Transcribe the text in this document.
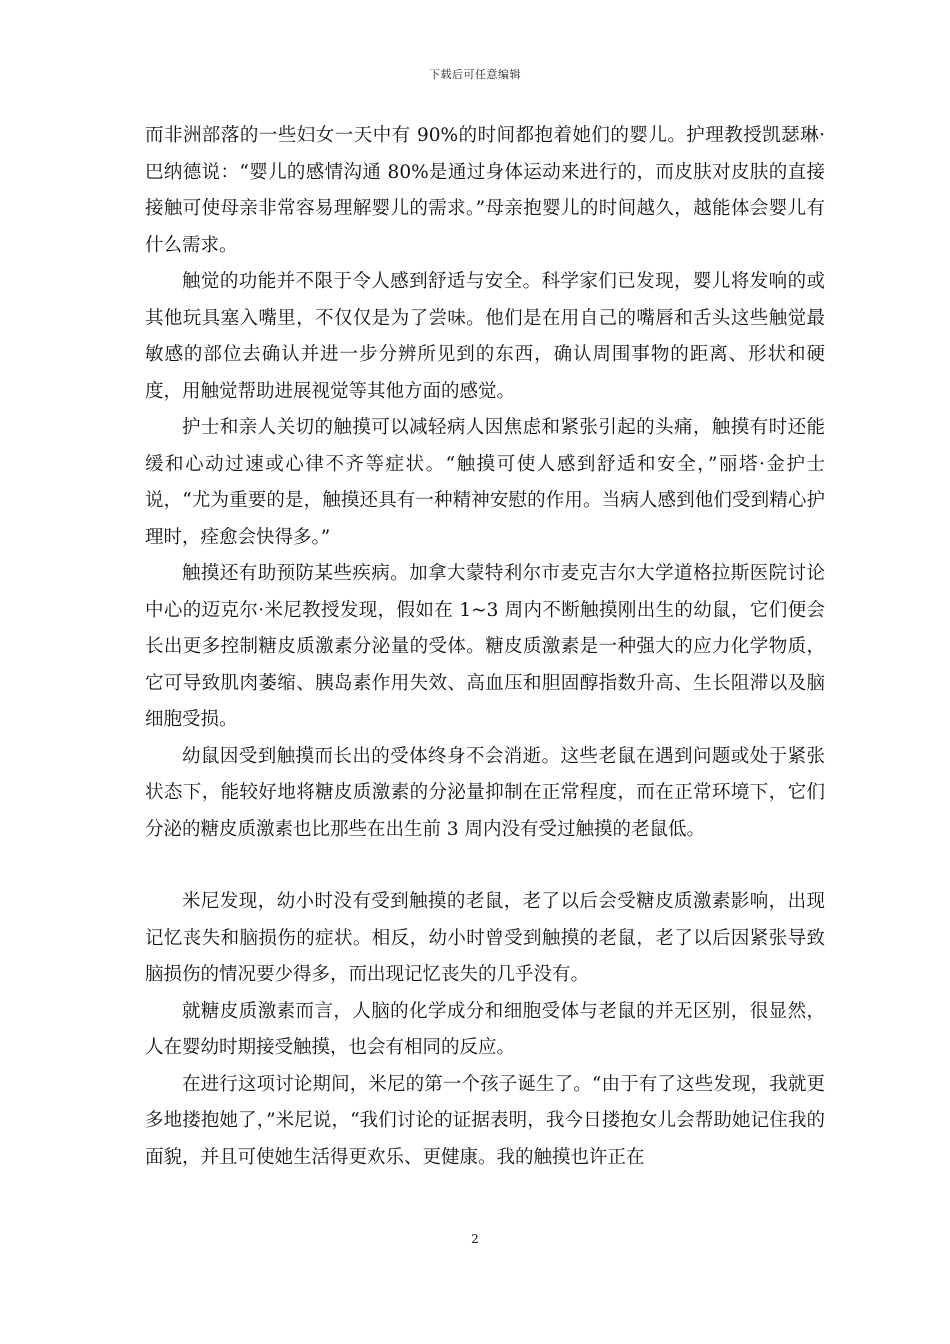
下载后可任意编辑

而非洲部落的一些妇女一天中有 90%的时间都抱着她们的婴儿。护理教授凯瑟琳·巴纳德说：“婴儿的感情沟通 80%是通过身体运动来进行的，而皮肤对皮肤的直接接触可使母亲非常容易理解婴儿的需求。”母亲抱婴儿的时间越久，越能体会婴儿有什么需求。

触觉的功能并不限于令人感到舒适与安全。科学家们已发现，婴儿将发响的或其他玩具塞入嘴里，不仅仅是为了尝味。他们是在用自己的嘴唇和舌头这些触觉最敏感的部位去确认并进一步分辨所见到的东西，确认周围事物的距离、形状和硬度，用触觉帮助进展视觉等其他方面的感觉。

护士和亲人关切的触摸可以减轻病人因焦虑和紧张引起的头痛，触摸有时还能缓和心动过速或心律不齐等症状。“触摸可使人感到舒适和安全，”丽塔·金护士说，“尤为重要的是，触摸还具有一种精神安慰的作用。当病人感到他们受到精心护理时，痊愈会快得多。”

触摸还有助预防某些疾病。加拿大蒙特利尔市麦克吉尔大学道格拉斯医院讨论中心的迈克尔·米尼教授发现，假如在 1~3 周内不断触摸刚出生的幼鼠，它们便会长出更多控制糖皮质激素分泌量的受体。糖皮质激素是一种强大的应力化学物质，它可导致肌肉萎缩、胰岛素作用失效、高血压和胆固醇指数升高、生长阻滞以及脑细胞受损。

幼鼠因受到触摸而长出的受体终身不会消逝。这些老鼠在遇到问题或处于紧张状态下，能较好地将糖皮质激素的分泌量抑制在正常程度，而在正常环境下，它们分泌的糖皮质激素也比那些在出生前 3 周内没有受过触摸的老鼠低。

米尼发现，幼小时没有受到触摸的老鼠，老了以后会受糖皮质激素影响，出现记忆丧失和脑损伤的症状。相反，幼小时曾受到触摸的老鼠，老了以后因紧张导致脑损伤的情况要少得多，而出现记忆丧失的几乎没有。

就糖皮质激素而言，人脑的化学成分和细胞受体与老鼠的并无区别，很显然，人在婴幼时期接受触摸，也会有相同的反应。

在进行这项讨论期间，米尼的第一个孩子诞生了。“由于有了这些发现，我就更多地搂抱她了，”米尼说，“我们讨论的证据表明，我今日搂抱女儿会帮助她记住我的面貌，并且可使她生活得更欢乐、更健康。我的触摸也许正在

2
